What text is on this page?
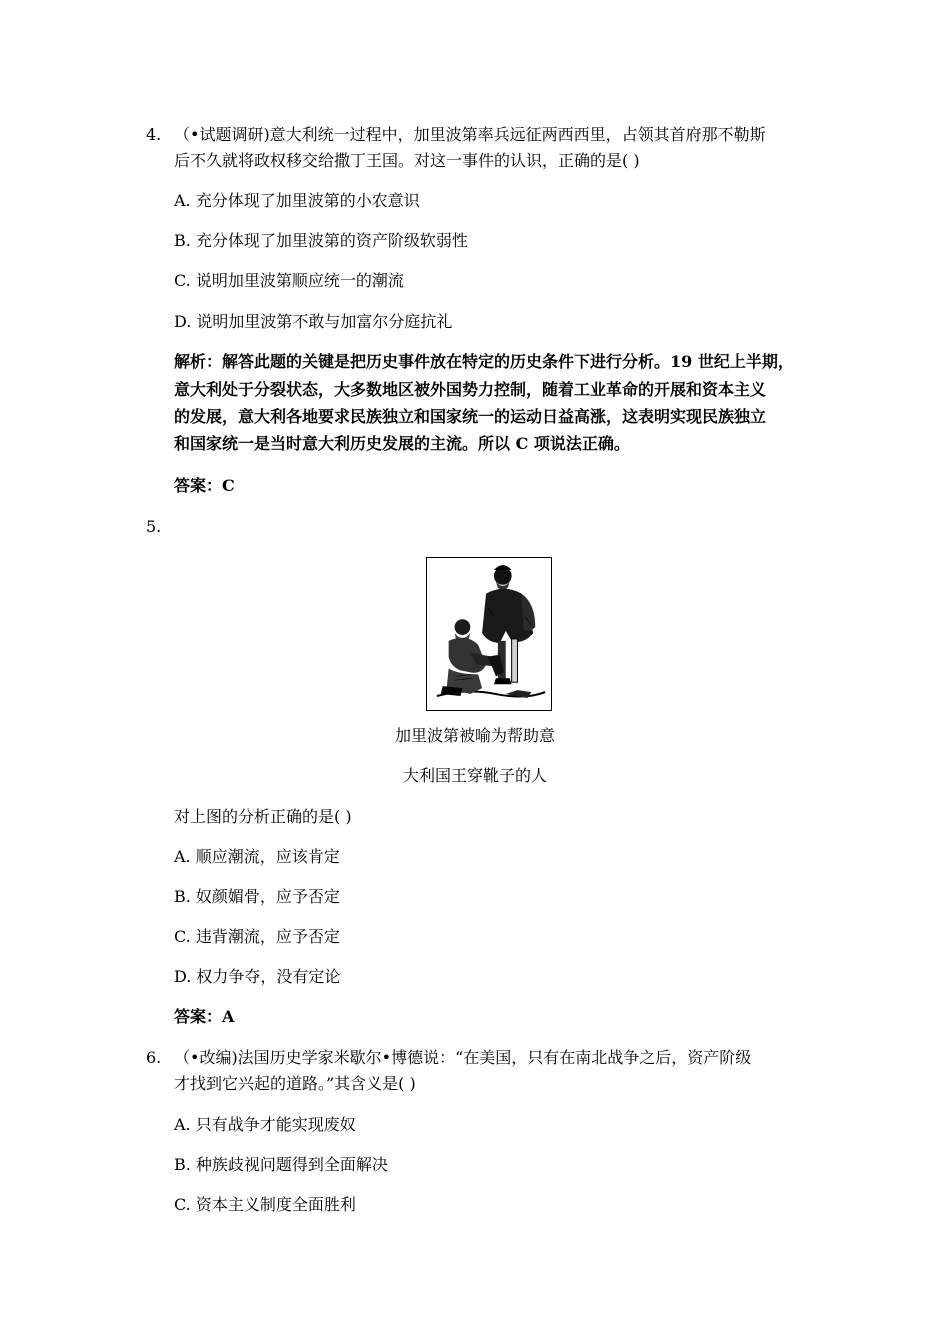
4. （•试题调研)意大利统一过程中，加里波第率兵远征两西西里，占领其首府那不勒斯
后不久就将政权移交给撒丁王国。对这一事件的认识，正确的是( )
A. 充分体现了加里波第的小农意识
B. 充分体现了加里波第的资产阶级软弱性
C. 说明加里波第顺应统一的潮流
D. 说明加里波第不敢与加富尔分庭抗礼
解析：解答此题的关键是把历史事件放在特定的历史条件下进行分析。19 世纪上半期，
意大利处于分裂状态，大多数地区被外国势力控制，随着工业革命的开展和资本主义
的发展，意大利各地要求民族独立和国家统一的运动日益高涨，这表明实现民族独立
和国家统一是当时意大利历史发展的主流。所以 C 项说法正确。
答案：C
5.
加里波第被喻为帮助意
大利国王穿靴子的人
对上图的分析正确的是( )
A. 顺应潮流，应该肯定
B. 奴颜媚骨，应予否定
C. 违背潮流，应予否定
D. 权力争夺，没有定论
答案：A
6. （•改编)法国历史学家米歇尔•博德说：“在美国，只有在南北战争之后，资产阶级
才找到它兴起的道路。”其含义是( )
A. 只有战争才能实现废奴
B. 种族歧视问题得到全面解决
C. 资本主义制度全面胜利
